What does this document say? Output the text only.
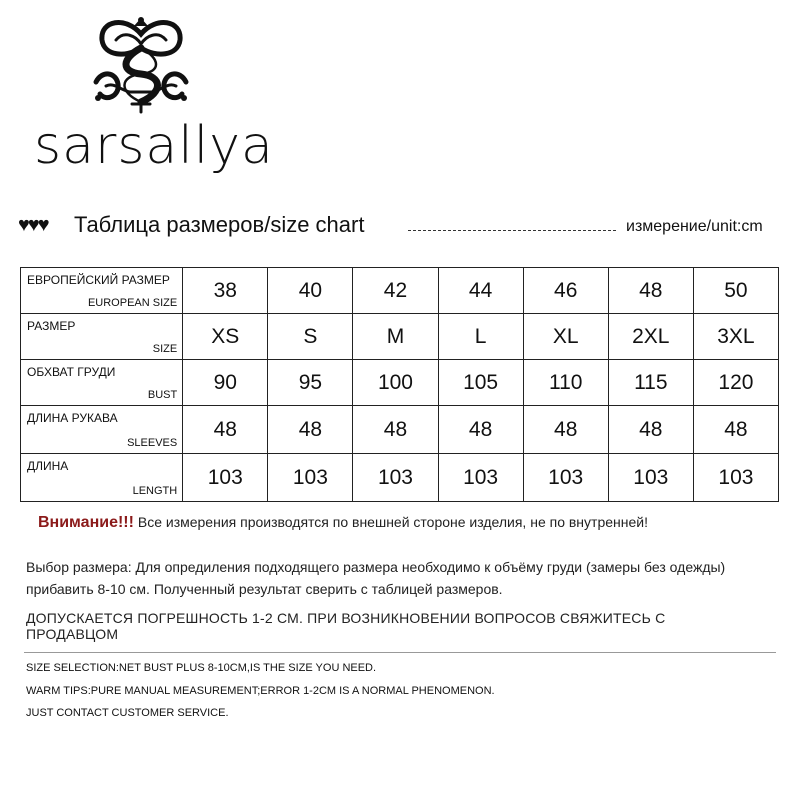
sarsallya
♥♥♥ Таблица размеров/size chart	измерение/unit:cm
ЕВРОПЕЙСКИЙ РАЗМЕР
EUROPEAN SIZE	38	40	42	44	46	48	50

РАЗМЕР
SIZE	XS	S	M	L	XL	2XL	3XL

ОБХВАТ ГРУДИ
BUST	90	95	100	105	110	115	120

ДЛИНА РУКАВА
SLEEVES	48	48	48	48	48	48	48

ДЛИНА
LENGTH	103	103	103	103	103	103	103
Внимание!!! Все измерения производятся по внешней стороне изделия, не по внутренней!
Выбор размера: Для опредиления подходящего размера необходимо к объёму груди (замеры без одежды) прибавить 8-10 см. Полученный результат сверить с таблицей размеров.
ДОПУСКАЕТСЯ ПОГРЕШНОСТЬ 1-2 СМ. ПРИ ВОЗНИКНОВЕНИИ ВОПРОСОВ СВЯЖИТЕСЬ С ПРОДАВЦОМ
SIZE SELECTION:NET BUST PLUS 8-10CM,IS THE SIZE YOU NEED.
WARM TIPS:PURE MANUAL MEASUREMENT;ERROR 1-2CM IS A NORMAL PHENOMENON.
JUST CONTACT CUSTOMER SERVICE.
